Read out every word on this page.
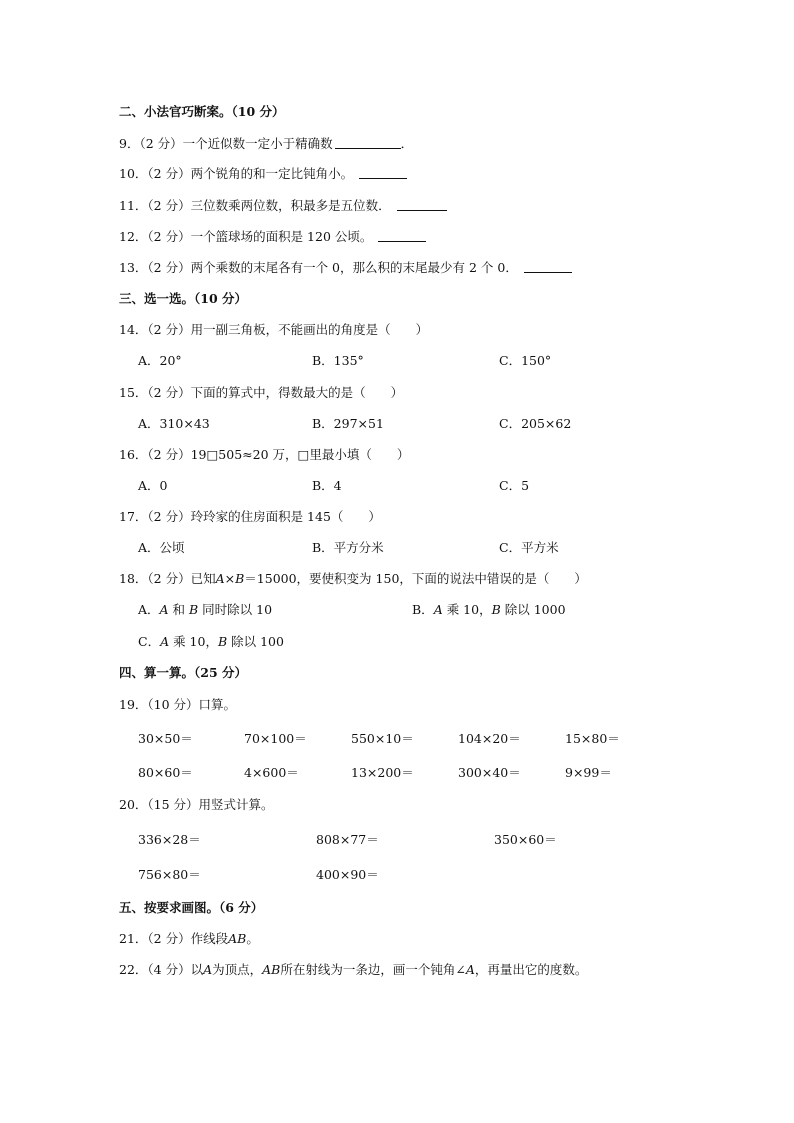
二、小法官巧断案。（10 分）
9．（2 分）一个近似数一定小于精确数	．
10．（2 分）两个锐角的和一定比钝角小。
11．（2 分）三位数乘两位数，积最多是五位数．
12．（2 分）一个篮球场的面积是 120 公顷。
13．（2 分）两个乘数的末尾各有一个 0，那么积的末尾最少有 2 个 0．
三、选一选。（10 分）
14．（2 分）用一副三角板，不能画出的角度是（　　）
A．20°	B．135°	C．150°
15．（2 分）下面的算式中，得数最大的是（　　）
A．310×43	B．297×51	C．205×62
16．（2 分）19□505≈20 万，□里最小填（　　）
A．0	B．4	C．5
17．（2 分）玲玲家的住房面积是 145（　　）
A．公顷	B．平方分米	C．平方米
18．（2 分）已知A×B＝15000，要使积变为 150，下面的说法中错误的是（　　）
A．A 和 B 同时除以 10	B．A 乘 10，B 除以 1000
C．A 乘 10，B 除以 100
四、算一算。（25 分）
19．（10 分）口算。
30×50＝	70×100＝	550×10＝	104×20＝	15×80＝
80×60＝	4×600＝	13×200＝	300×40＝	9×99＝
20．（15 分）用竖式计算。
336×28＝	808×77＝	350×60＝
756×80＝	400×90＝
五、按要求画图。（6 分）
21．（2 分）作线段AB。
22．（4 分）以A为顶点，AB所在射线为一条边，画一个钝角∠A，再量出它的度数。
